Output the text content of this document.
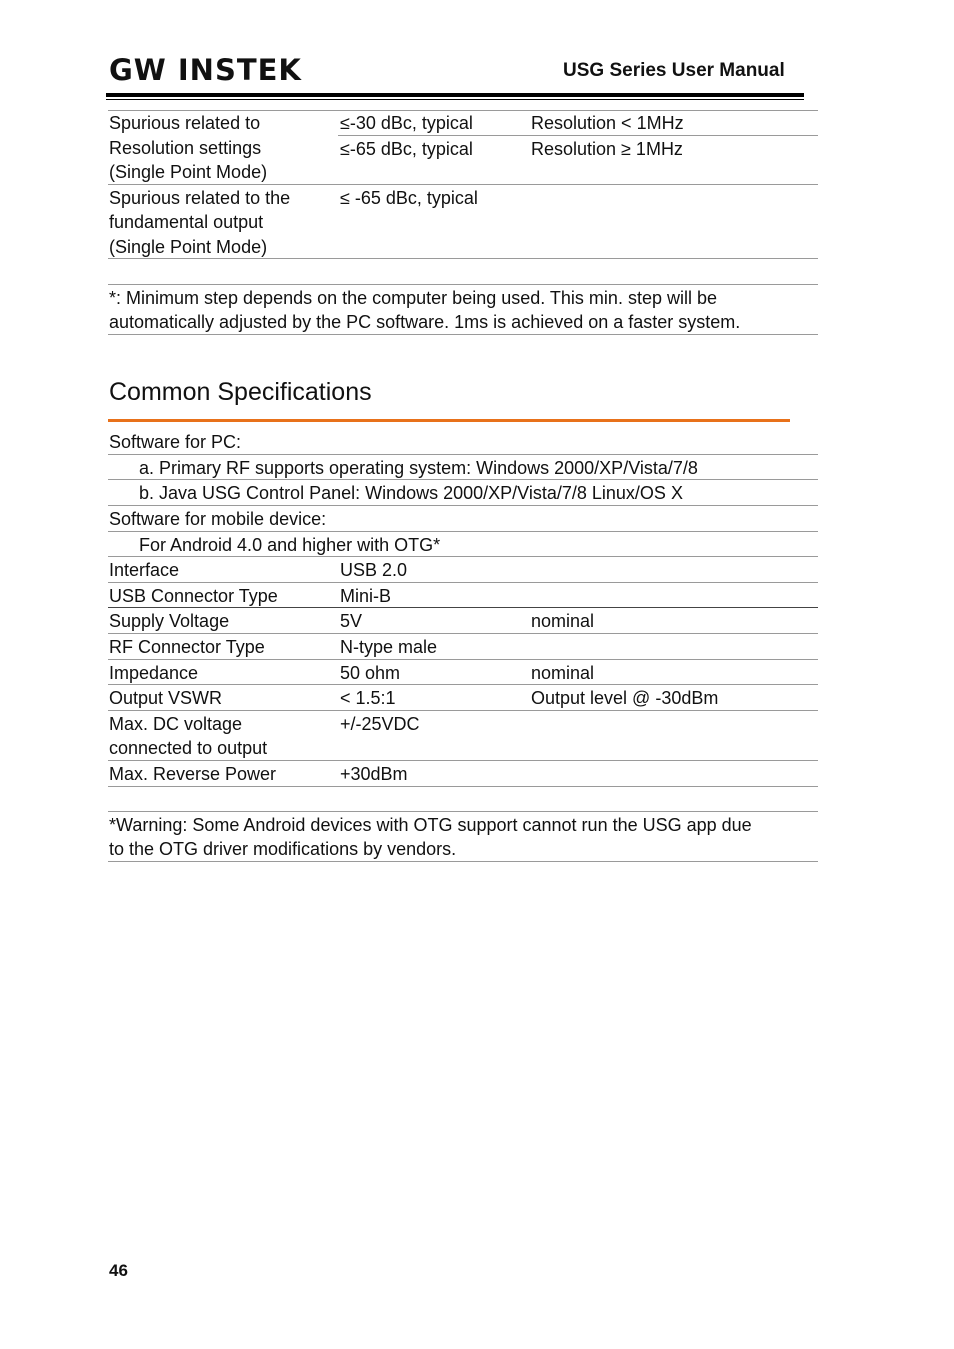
GW INSTEK	USG Series User Manual
Spurious related to	≤-30 dBc, typical	Resolution < 1MHz
Resolution settings	≤-65 dBc, typical	Resolution ≥ 1MHz
(Single Point Mode)
Spurious related to the	≤ -65 dBc, typical
fundamental output
(Single Point Mode)
*: Minimum step depends on the computer being used. This min. step will be
automatically adjusted by the PC software. 1ms is achieved on a faster system.
Common Specifications
Software for PC:
a. Primary RF supports operating system: Windows 2000/XP/Vista/7/8
b. Java USG Control Panel: Windows 2000/XP/Vista/7/8 Linux/OS X
Software for mobile device:
For Android 4.0 and higher with OTG*
Interface	USB 2.0
USB Connector Type	Mini-B
Supply Voltage	5V	nominal
RF Connector Type	N-type male
Impedance	50 ohm	nominal
Output VSWR	< 1.5:1	Output level @ -30dBm
Max. DC voltage	+/-25VDC
connected to output
Max. Reverse Power	+30dBm
*Warning: Some Android devices with OTG support cannot run the USG app due
to the OTG driver modifications by vendors.
46
